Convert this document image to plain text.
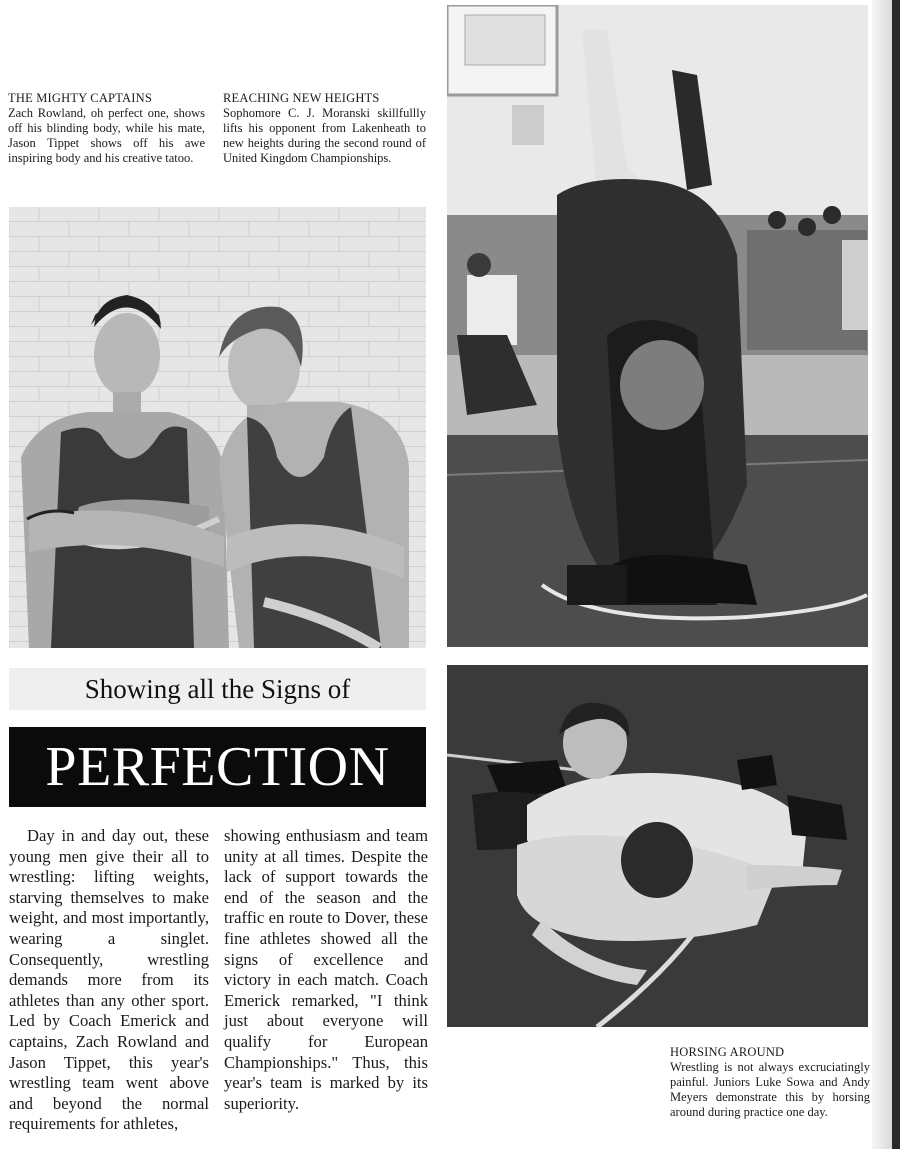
THE MIGHTY CAPTAINS

Zach Rowland, oh perfect one, shows off his blinding body, while his mate, Jason Tippet shows off his awe inspiring body and his creative tatoo.

REACHING NEW HEIGHTS

Sophomore C. J. Moranski skillfullly lifts his opponent from Lakenheath to new heights during the second round of United Kingdom Championships.

Showing all the Signs of
PERFECTION

Day in and day out, these young men give their all to wrestling: lifting weights, starving themselves to make weight, and most importantly, wearing a singlet. Consequently, wrestling demands more from its athletes than any other sport. Led by Coach Emerick and captains, Zach Rowland and Jason Tippet, this year's wrestling team went above and beyond the normal requirements for athletes,

showing enthusiasm and team unity at all times. Despite the lack of support towards the end of the season and the traffic en route to Dover, these fine athletes showed all the signs of excellence and victory in each match. Coach Emerick remarked, "I think just about everyone will qualify for European Championships." Thus, this year's team is marked by its superiority.

HORSING AROUND

Wrestling is not always excruciatingly painful. Juniors Luke Sowa and Andy Meyers demonstrate this by horsing around during practice one day.
